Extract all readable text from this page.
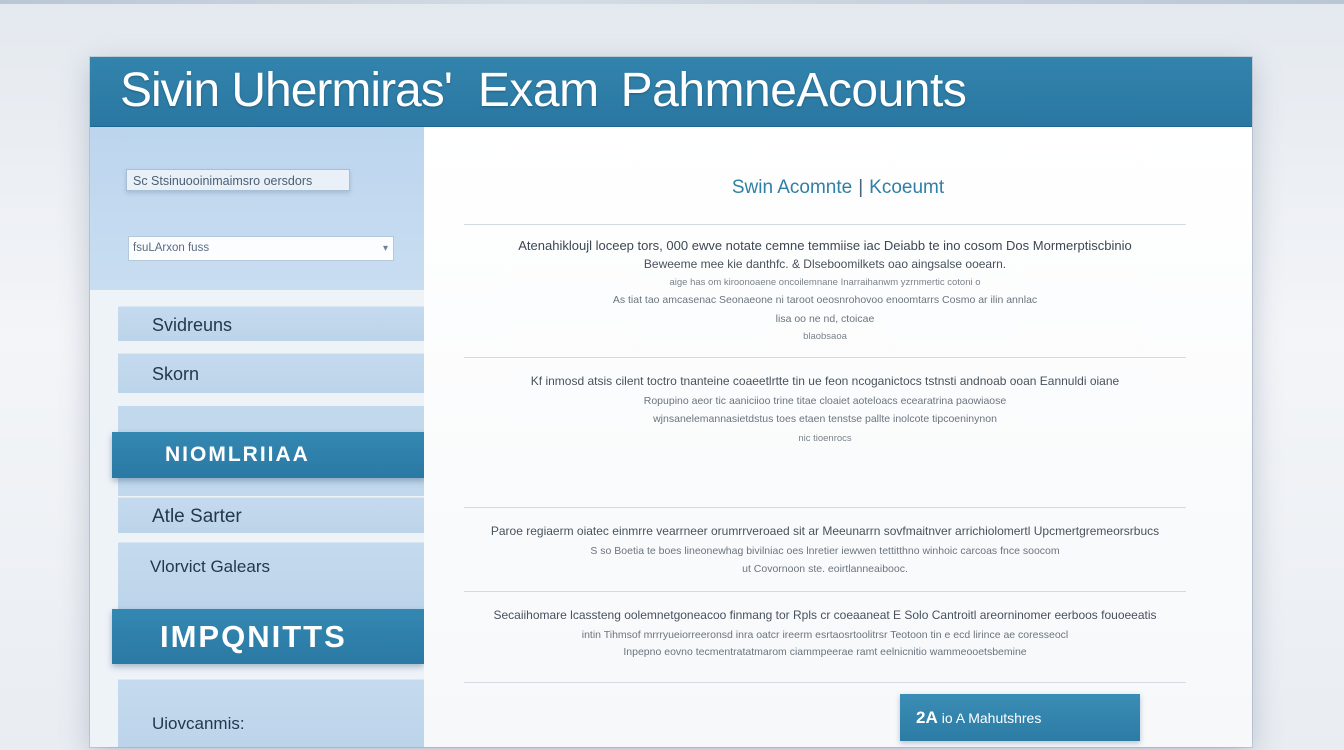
Sivin Uhermiras' Exam PahmneAcounts
Sc Stsinuooinimaimsro oersdors
fsuLArxon fuss	▾
Svidreuns
Skorn
NIOMLRIIAA
Atle Sarter
Vlorvict Galears
IMPQNITTS
Uiovcanmis:
Swin Acomnte | Kcoeumt
Atenahikloujl loceep tors, 000 ewve notate cemne temmiise iac Deiabb te ino cosom Dos Mormerptiscbinio
Beweeme mee kie danthfc. & Dlseboomilkets oao aingsalse ooearn.
aige has om kiroonoaene oncoilemnane Inarraihanwm yzrnmertic cotoni o
As tiat tao amcasenac Seonaeone ni taroot oeosnrohovoo enoomtarrs Cosmo ar ilin annlac
lisa oo ne nd, ctoicae
blaobsaoa
Kf inmosd atsis cilent toctro tnanteine coaeetlrtte tin ue feon ncoganictocs tstnsti andnoab ooan Eannuldi oiane
Ropupino aeor tic aaniciioo trine titae cloaiet aoteloacs ecearatrina paowiaose
wjnsanelemannasietdstus toes etaen tenstse pallte inolcote tipcoeninynon
nic tioenrocs
Paroe regiaerm oiatec einmrre vearrneer orumrrveroaed sit ar Meeunarrn sovfmaitnver arrichiolomertl Upcmertgremeorsrbucs
S so Boetia te boes lineonewhag bivilniac oes lnretier iewwen tettitthno winhoic carcoas fnce soocom
ut Covornoon ste. eoirtlanneaibooc.
Secaiihomare lcassteng oolemnetgoneacoo finmang tor Rpls cr coeaaneat E Solo Cantroitl areorninomer eerboos fouoeeatis
intin Tihmsof mrrryueiorreeronsd inra oatcr ireerm esrtaosrtoolitrsr Teotoon tin e ecd lirince ae coresseocl
Inpepno eovno tecmentratatmarom ciammpeerae ramt eelnicnitio wammeooetsbemine
2A io A Mahutshres
